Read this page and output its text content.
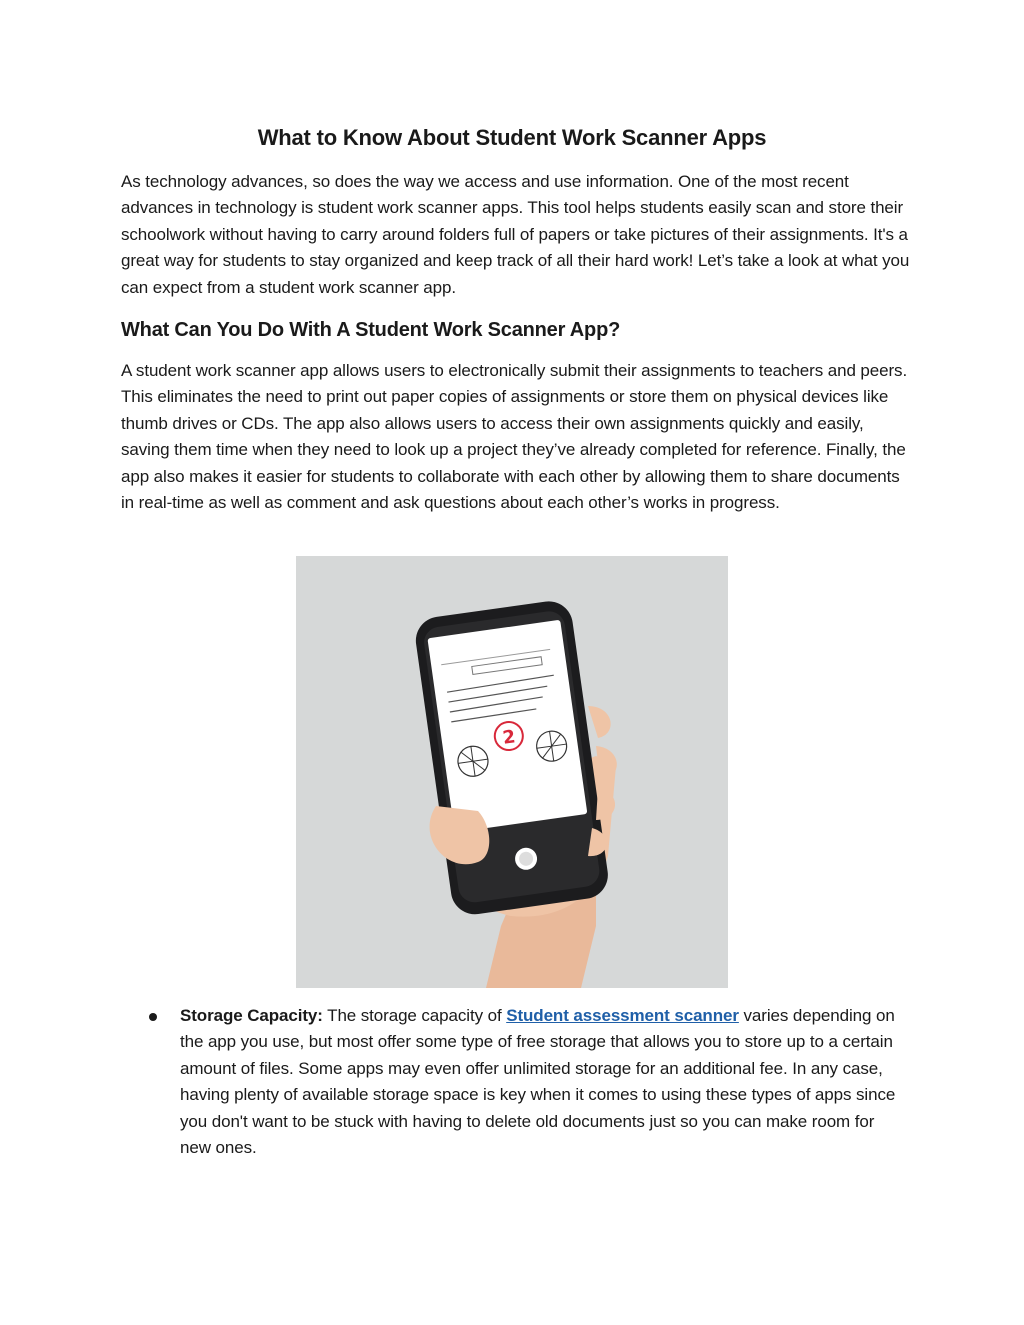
What to Know About Student Work Scanner Apps

As technology advances, so does the way we access and use information. One of the most recent advances in technology is student work scanner apps. This tool helps students easily scan and store their schoolwork without having to carry around folders full of papers or take pictures of their assignments. It's a great way for students to stay organized and keep track of all their hard work! Let’s take a look at what you can expect from a student work scanner app.

What Can You Do With A Student Work Scanner App?

A student work scanner app allows users to electronically submit their assignments to teachers and peers. This eliminates the need to print out paper copies of assignments or store them on physical devices like thumb drives or CDs. The app also allows users to access their own assignments quickly and easily, saving them time when they need to look up a project they’ve already completed for reference. Finally, the app also makes it easier for students to collaborate with each other by allowing them to share documents in real-time as well as comment and ask questions about each other’s works in progress.

2
Storage Capacity: The storage capacity of Student assessment scanner varies depending on the app you use, but most offer some type of free storage that allows you to store up to a certain amount of files. Some apps may even offer unlimited storage for an additional fee. In any case, having plenty of available storage space is key when it comes to using these types of apps since you don't want to be stuck with having to delete old documents just so you can make room for new ones.
